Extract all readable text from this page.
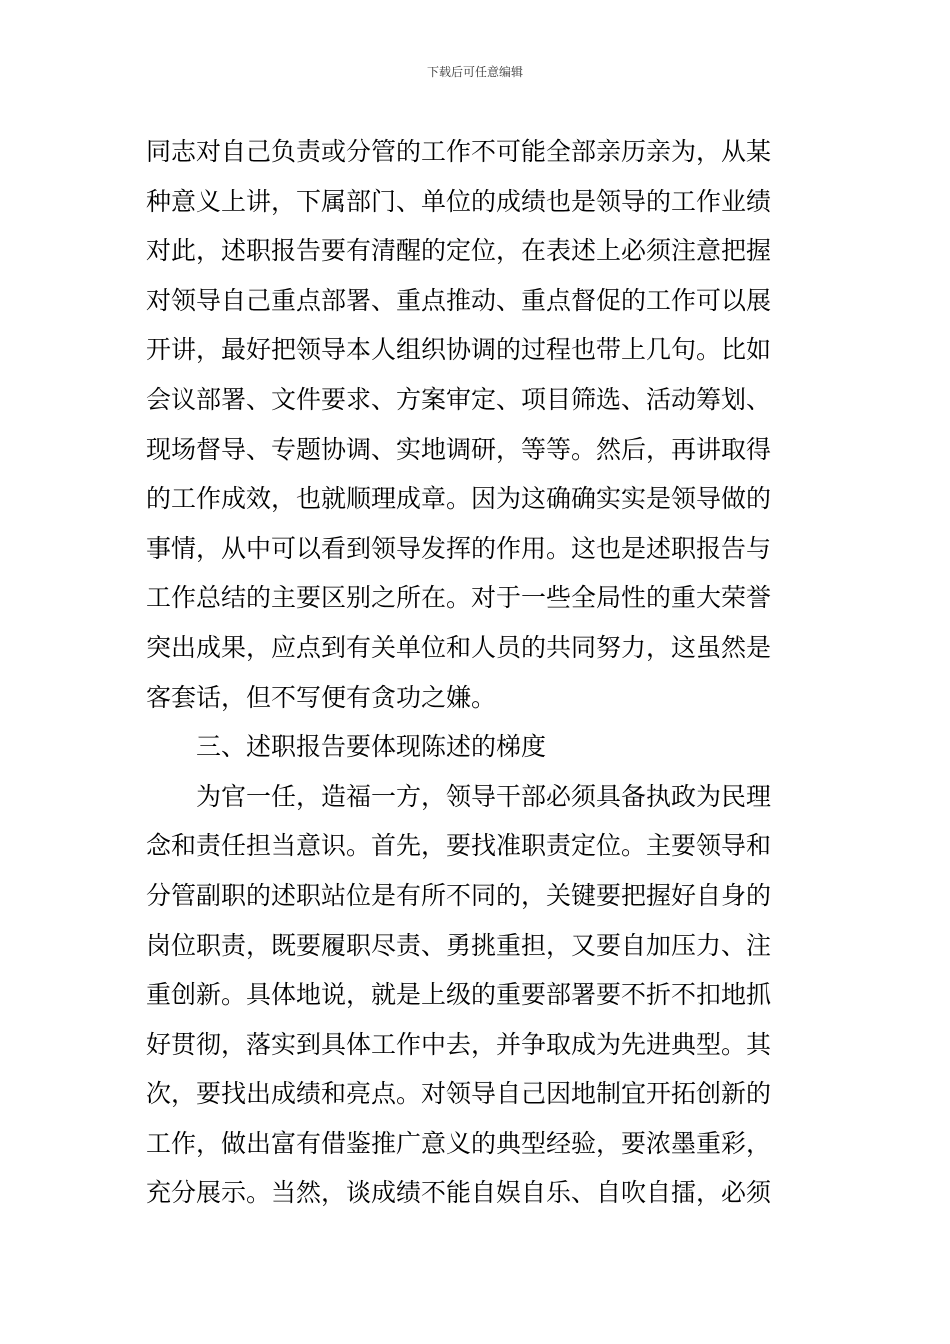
下载后可任意编辑
同志对自己负责或分管的工作不可能全部亲历亲为，从某
种意义上讲，下属部门、单位的成绩也是领导的工作业绩
对此，述职报告要有清醒的定位，在表述上必须注意把握
对领导自己重点部署、重点推动、重点督促的工作可以展
开讲，最好把领导本人组织协调的过程也带上几句。比如
会议部署、文件要求、方案审定、项目筛选、活动筹划、
现场督导、专题协调、实地调研，等等。然后，再讲取得
的工作成效，也就顺理成章。因为这确确实实是领导做的
事情，从中可以看到领导发挥的作用。这也是述职报告与
工作总结的主要区别之所在。对于一些全局性的重大荣誉
突出成果，应点到有关单位和人员的共同努力，这虽然是
客套话，但不写便有贪功之嫌。
三、述职报告要体现陈述的梯度
为官一任，造福一方，领导干部必须具备执政为民理
念和责任担当意识。首先，要找准职责定位。主要领导和
分管副职的述职站位是有所不同的，关键要把握好自身的
岗位职责，既要履职尽责、勇挑重担，又要自加压力、注
重创新。具体地说，就是上级的重要部署要不折不扣地抓
好贯彻，落实到具体工作中去，并争取成为先进典型。其
次，要找出成绩和亮点。对领导自己因地制宜开拓创新的
工作，做出富有借鉴推广意义的典型经验，要浓墨重彩，
充分展示。当然，谈成绩不能自娱自乐、自吹自擂，必须
